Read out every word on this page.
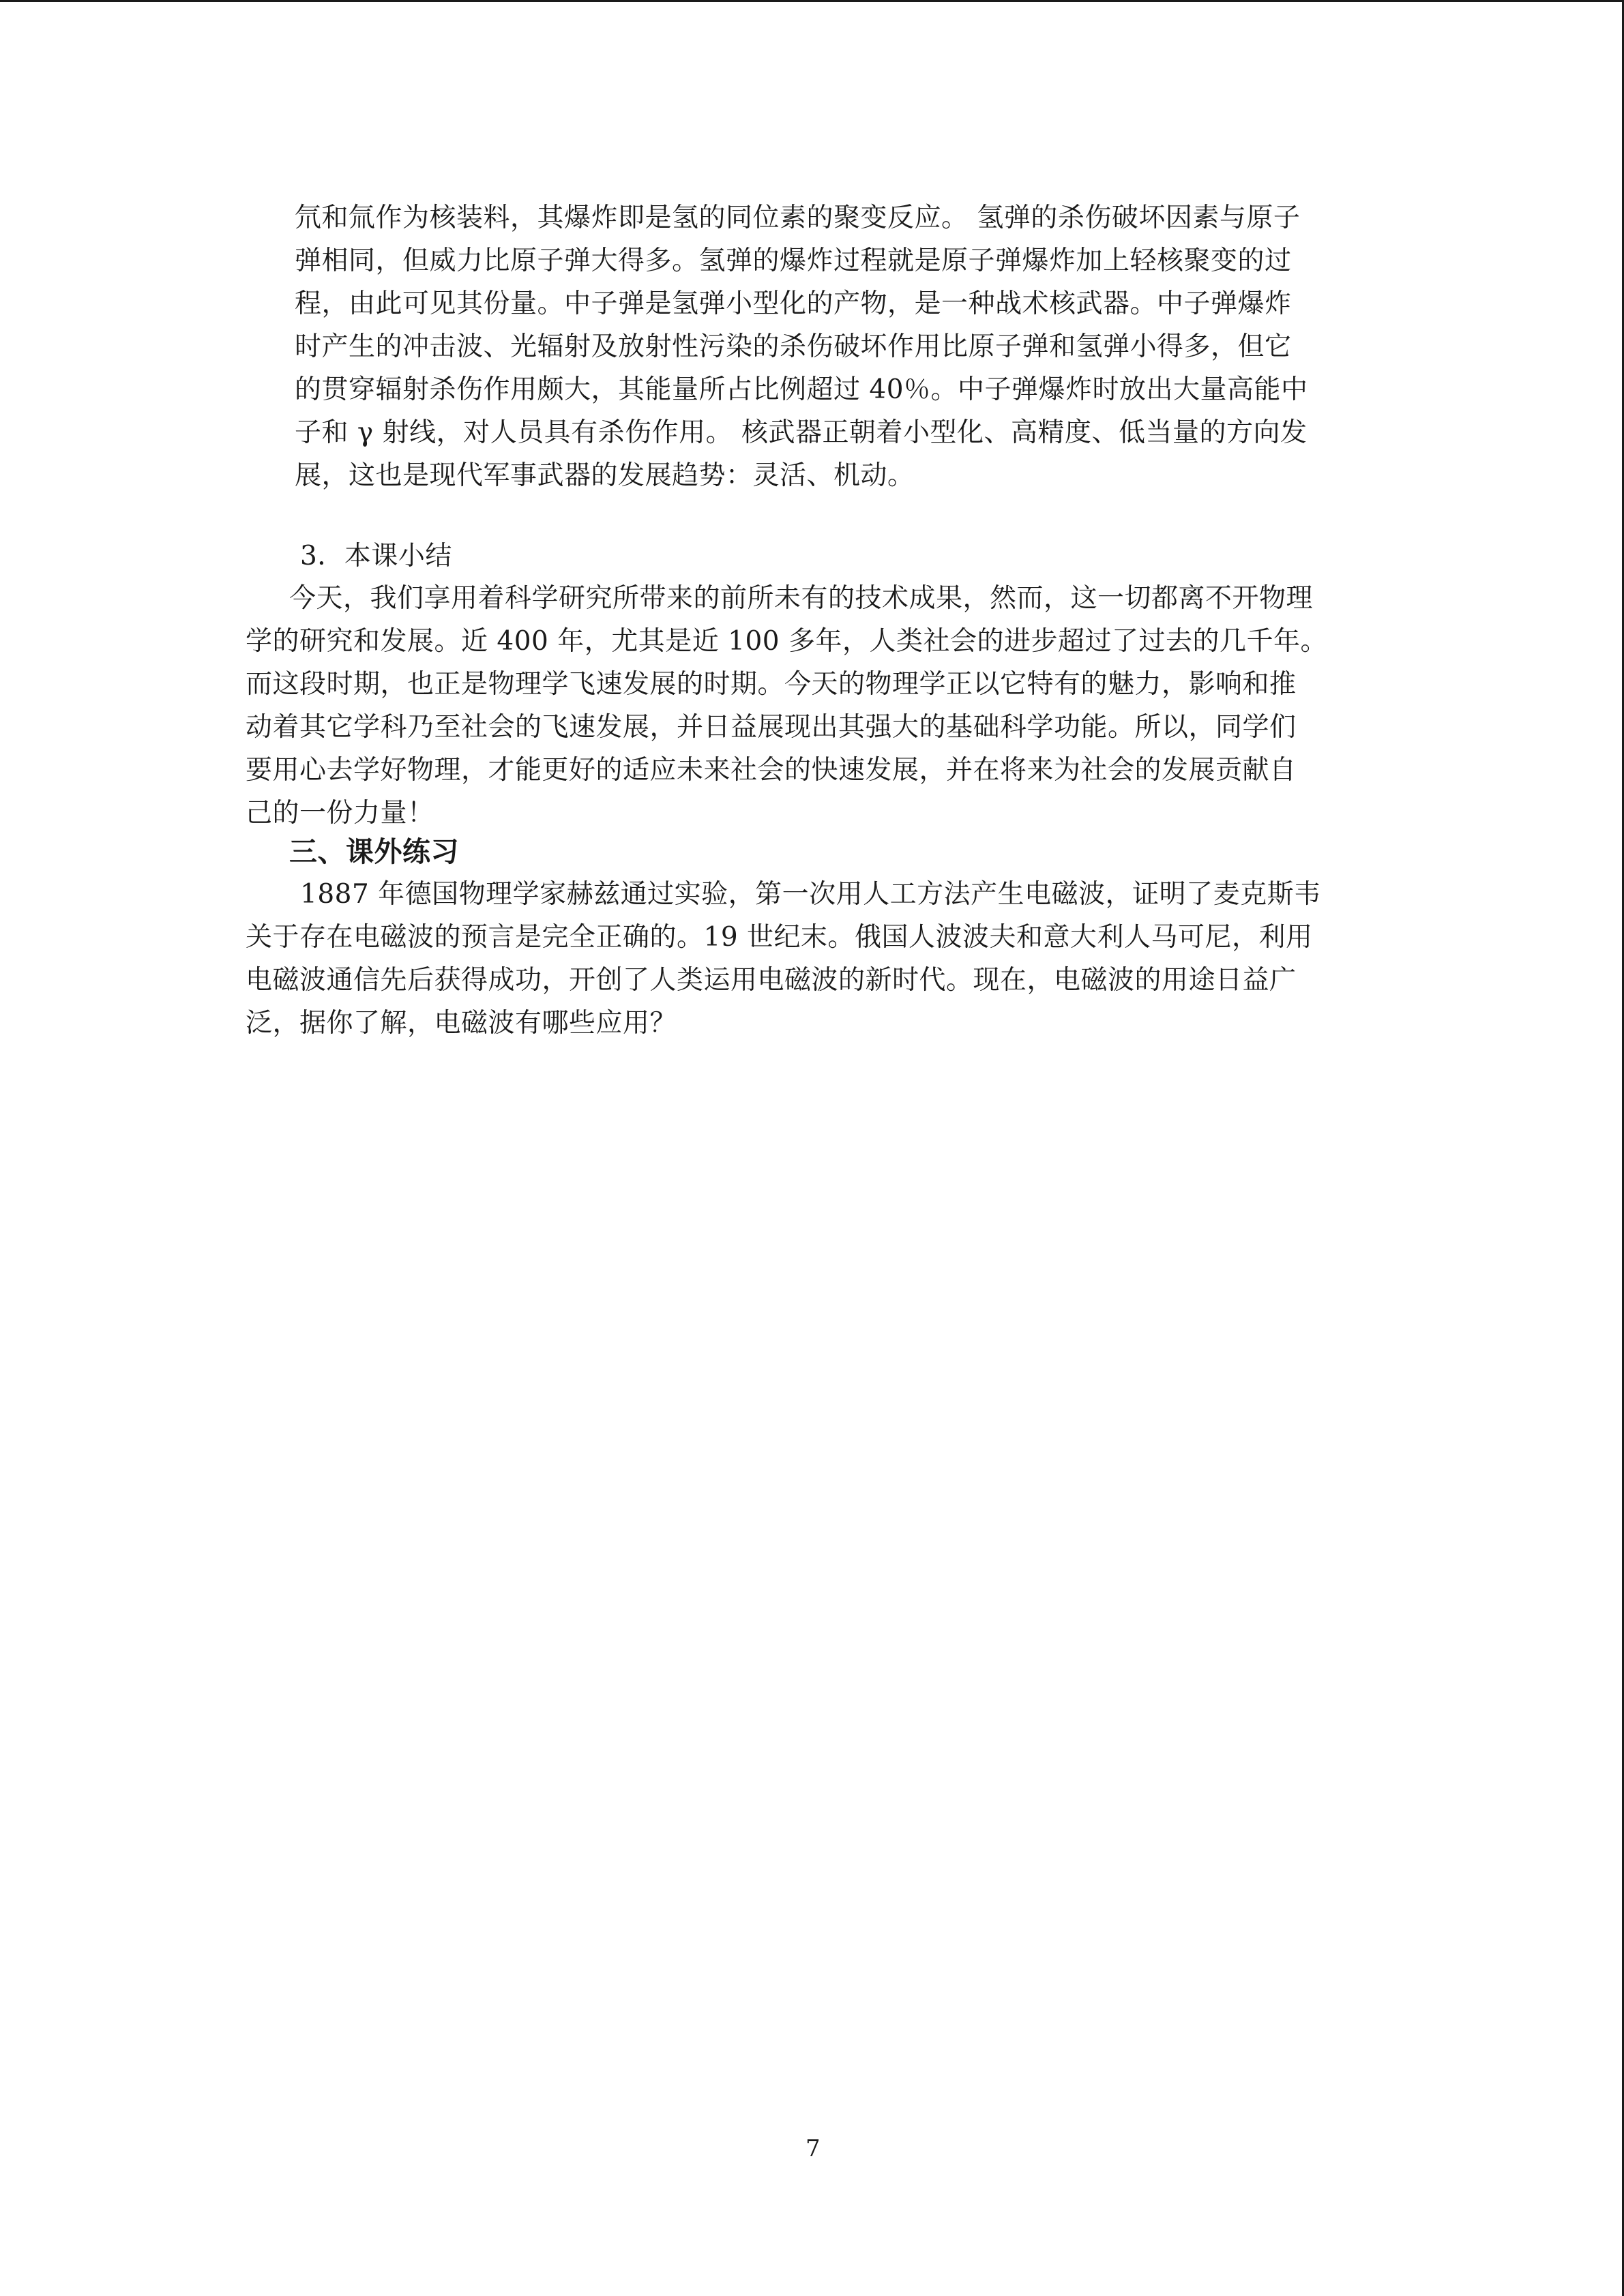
氘和氚作为核装料，其爆炸即是氢的同位素的聚变反应。 氢弹的杀伤破坏因素与原子
弹相同，但威力比原子弹大得多。氢弹的爆炸过程就是原子弹爆炸加上轻核聚变的过
程，由此可见其份量。中子弹是氢弹小型化的产物，是一种战术核武器。中子弹爆炸
时产生的冲击波、光辐射及放射性污染的杀伤破坏作用比原子弹和氢弹小得多，但它
的贯穿辐射杀伤作用颇大，其能量所占比例超过 40％。中子弹爆炸时放出大量高能中
子和 γ 射线，对人员具有杀伤作用。 核武器正朝着小型化、高精度、低当量的方向发
展，这也是现代军事武器的发展趋势：灵活、机动。
3．本课小结
今天，我们享用着科学研究所带来的前所未有的技术成果，然而，这一切都离不开物理
学的研究和发展。近 400 年，尤其是近 100 多年，人类社会的进步超过了过去的几千年。
而这段时期，也正是物理学飞速发展的时期。今天的物理学正以它特有的魅力，影响和推
动着其它学科乃至社会的飞速发展，并日益展现出其强大的基础科学功能。所以，同学们
要用心去学好物理，才能更好的适应未来社会的快速发展，并在将来为社会的发展贡献自
己的一份力量！
三、课外练习
1887 年德国物理学家赫兹通过实验，第一次用人工方法产生电磁波，证明了麦克斯韦
关于存在电磁波的预言是完全正确的。19 世纪末。俄国人波波夫和意大利人马可尼，利用
电磁波通信先后获得成功，开创了人类运用电磁波的新时代。现在，电磁波的用途日益广
泛，据你了解，电磁波有哪些应用？
7
